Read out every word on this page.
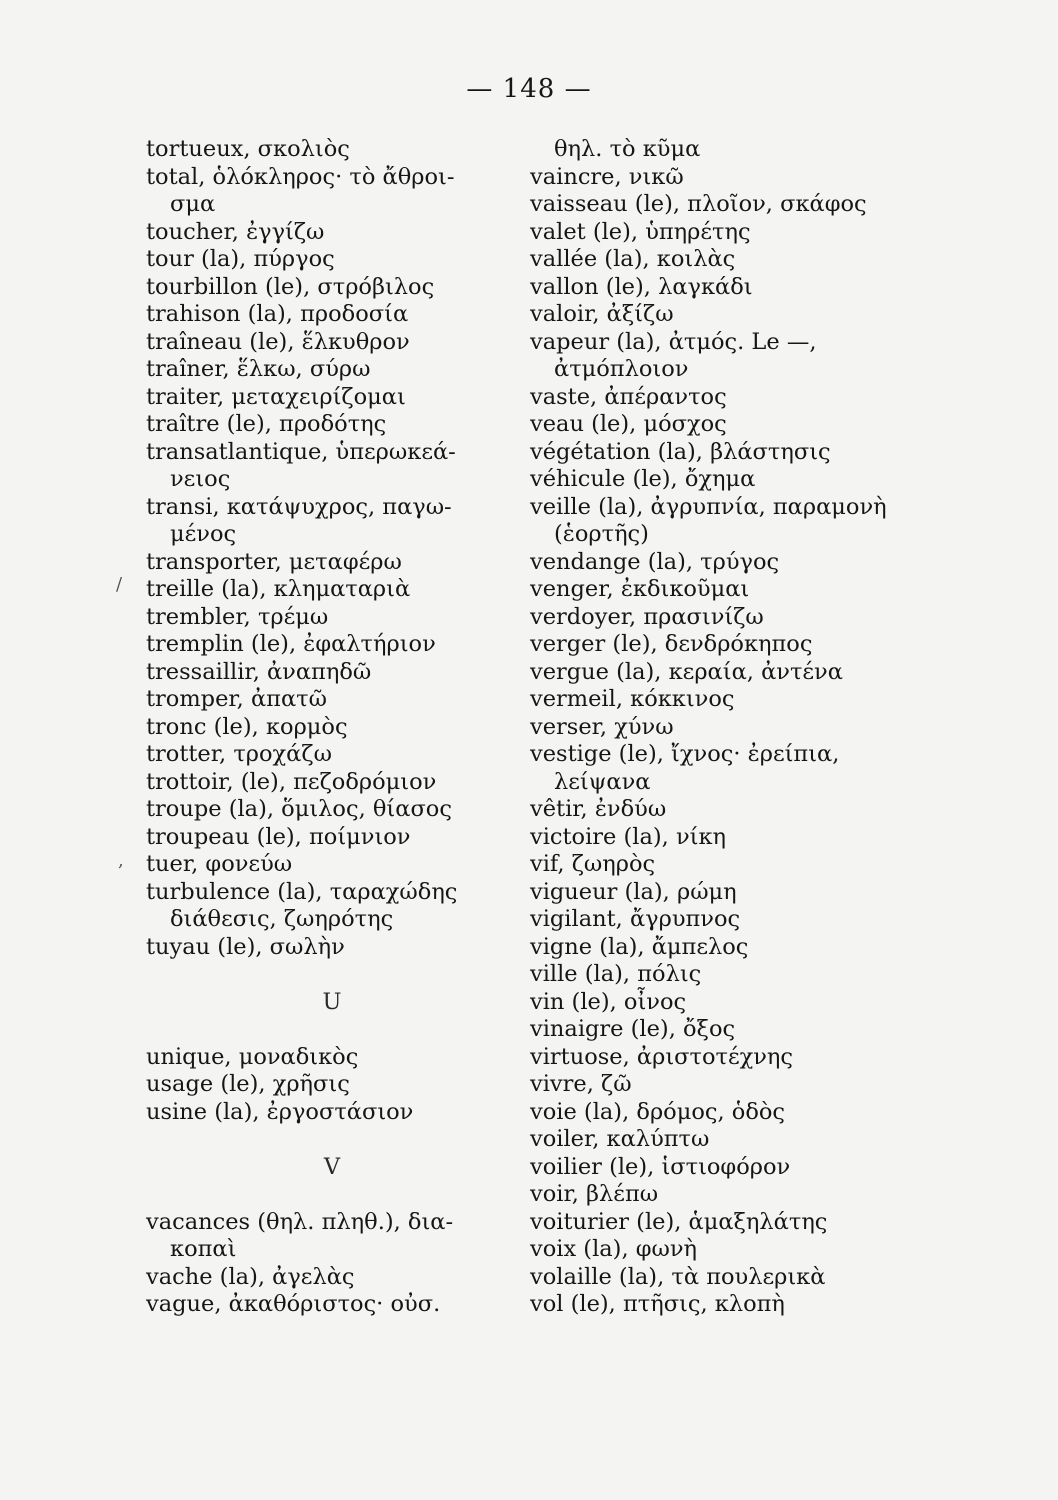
— 148 —
tortueux, σκολιὸς
total, ὁλόκληρος· τὸ ἄθροι-
σμα
toucher, ἐγγίζω
tour (la), πύργος
tourbillon (le), στρόβιλος
trahison (la), προδοσία
traîneau (le), ἕλκυθρον
traîner, ἕλκω, σύρω
traiter, μεταχειρίζομαι
traître (le), προδότης
transatlantique, ὑπερωκεά-
νειος
transi, κατάψυχρος, παγω-
μένος
transporter, μεταφέρω
treille (la), κληματαριὰ
trembler, τρέμω
tremplin (le), ἐφαλτήριον
tressaillir, ἀναπηδῶ
tromper, ἀπατῶ
tronc (le), κορμὸς
trotter, τροχάζω
trottoir, (le), πεζοδρόμιον
troupe (la), ὅμιλος, θίασος
troupeau (le), ποίμνιον
tuer, φονεύω
turbulence (la), ταραχώδης
διάθεσις, ζωηρότης
tuyau (le), σωλὴν
U
unique, μοναδικὸς
usage (le), χρῆσις
usine (la), ἐργοστάσιον
V
vacances (θηλ. πληθ.), δια-
κοπαὶ
vache (la), ἀγελὰς
vague, ἀκαθόριστος· οὐσ.
θηλ. τὸ κῦμα
vaincre, νικῶ
vaisseau (le), πλοῖον, σκάφος
valet (le), ὑπηρέτης
vallée (la), κοιλὰς
vallon (le), λαγκάδι
valoir, ἀξίζω
vapeur (la), ἀτμός. Le —,
ἀτμόπλοιον
vaste, ἀπέραντος
veau (le), μόσχος
végétation (la), βλάστησις
véhicule (le), ὄχημα
veille (la), ἀγρυπνία, παραμονὴ
(ἑορτῆς)
vendange (la), τρύγος
venger, ἐκδικοῦμαι
verdoyer, πρασινίζω
verger (le), δενδρόκηπος
vergue (la), κεραία, ἀντένα
vermeil, κόκκινος
verser, χύνω
vestige (le), ἴχνος· ἐρείπια,
λείψανα
vêtir, ἐνδύω
victoire (la), νίκη
vif, ζωηρὸς
vigueur (la), ρώμη
vigilant, ἄγρυπνος
vigne (la), ἄμπελος
ville (la), πόλις
vin (le), οἶνος
vinaigre (le), ὄξος
virtuose, ἀριστοτέχνης
vivre, ζῶ
voie (la), δρόμος, ὁδὸς
voiler, καλύπτω
voilier (le), ἱστιοφόρον
voir, βλέπω
voiturier (le), ἁμαξηλάτης
voix (la), φωνὴ
volaille (la), τὰ πουλερικὰ
vol (le), πτῆσις, κλοπὴ
/
,
